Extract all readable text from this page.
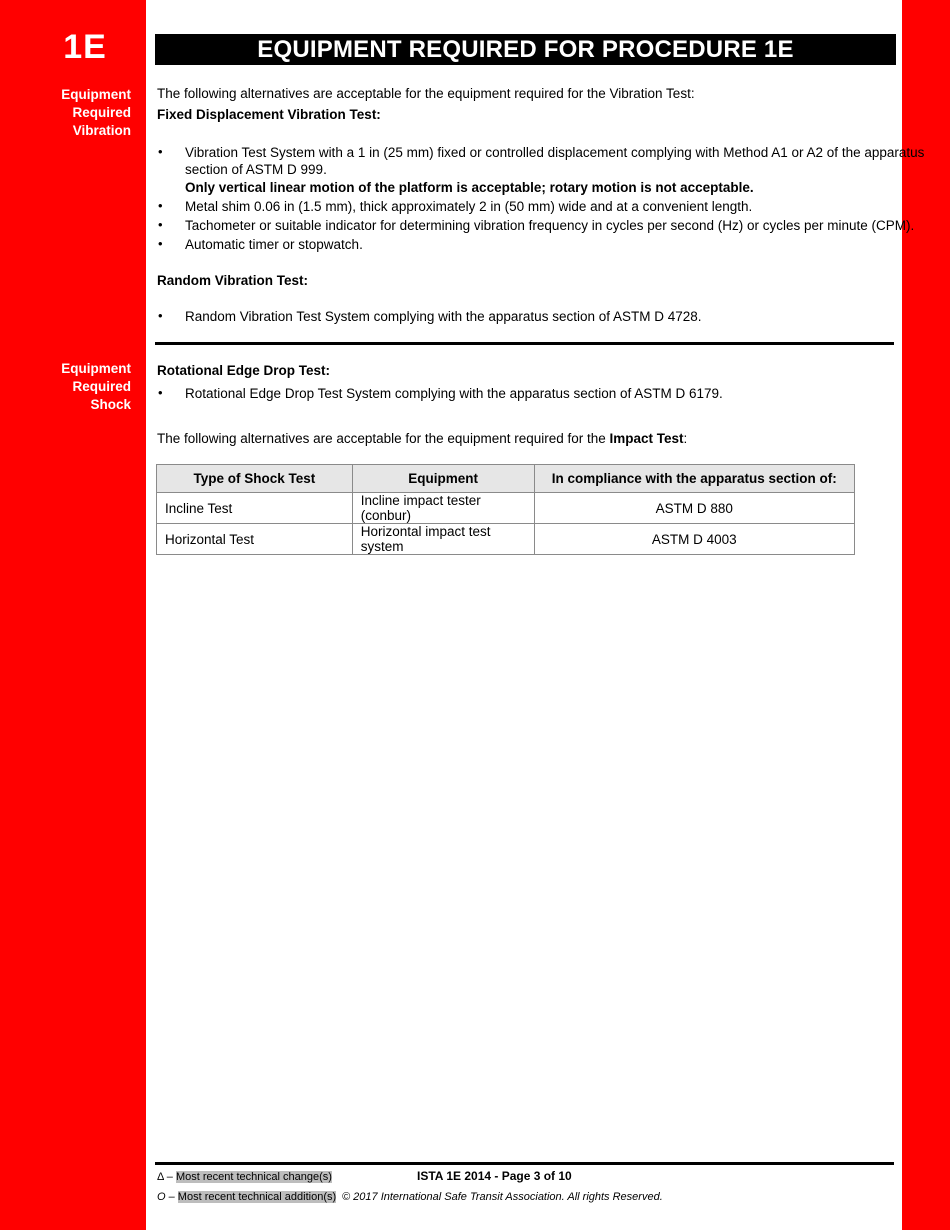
1E
Equipment
Required
Vibration
Equipment
Required
Shock
EQUIPMENT REQUIRED FOR PROCEDURE 1E
The following alternatives are acceptable for the equipment required for the Vibration Test:
Fixed Displacement Vibration Test:
• Vibration Test System with a 1 in (25 mm) fixed or controlled displacement complying with Method A1 or A2 of the apparatus
section of ASTM D 999.
Only vertical linear motion of the platform is acceptable; rotary motion is not acceptable.
• Metal shim 0.06 in (1.5 mm), thick approximately 2 in (50 mm) wide and at a convenient length.
• Tachometer or suitable indicator for determining vibration frequency in cycles per second (Hz) or cycles per minute (CPM).
• Automatic timer or stopwatch.
Random Vibration Test:
• Random Vibration Test System complying with the apparatus section of ASTM D 4728.
Rotational Edge Drop Test:
• Rotational Edge Drop Test System complying with the apparatus section of ASTM D 6179.
The following alternatives are acceptable for the equipment required for the Impact Test:
Type of Shock Test	Equipment	In compliance with the apparatus section of:
Incline Test	Incline impact tester (conbur)	ASTM D 880
Horizontal Test	Horizontal impact test system	ASTM D 4003
Δ – Most recent technical change(s)	ISTA 1E 2014 - Page 3 of 10
O – Most recent technical addition(s) © 2017 International Safe Transit Association. All rights Reserved.
